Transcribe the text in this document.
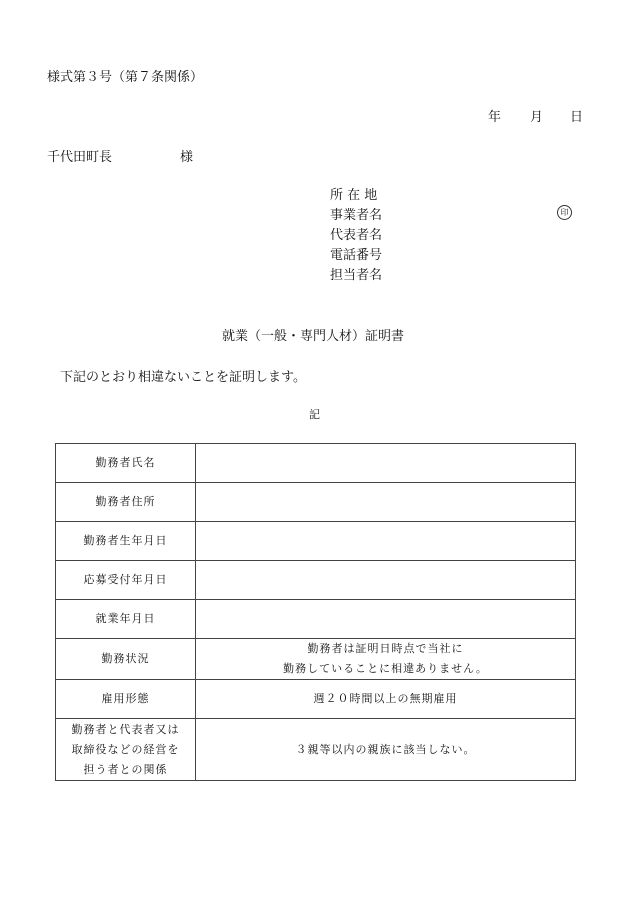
様式第３号（第７条関係）
年 月 日
千代田町長	様
所 在 地
事業者名
代表者名
電話番号
担当者名
印
就業（一般・専門人材）証明書
下記のとおり相違ないことを証明します。
記
勤務者氏名	
勤務者住所	
勤務者生年月日	
応募受付年月日	
就業年月日	
勤務状況	勤務者は証明日時点で当社に
勤務していることに相違ありません。

雇用形態	週２０時間以上の無期雇用

勤務者と代表者又は
取締役などの経営を
担う者との関係	３親等以内の親族に該当しない。
